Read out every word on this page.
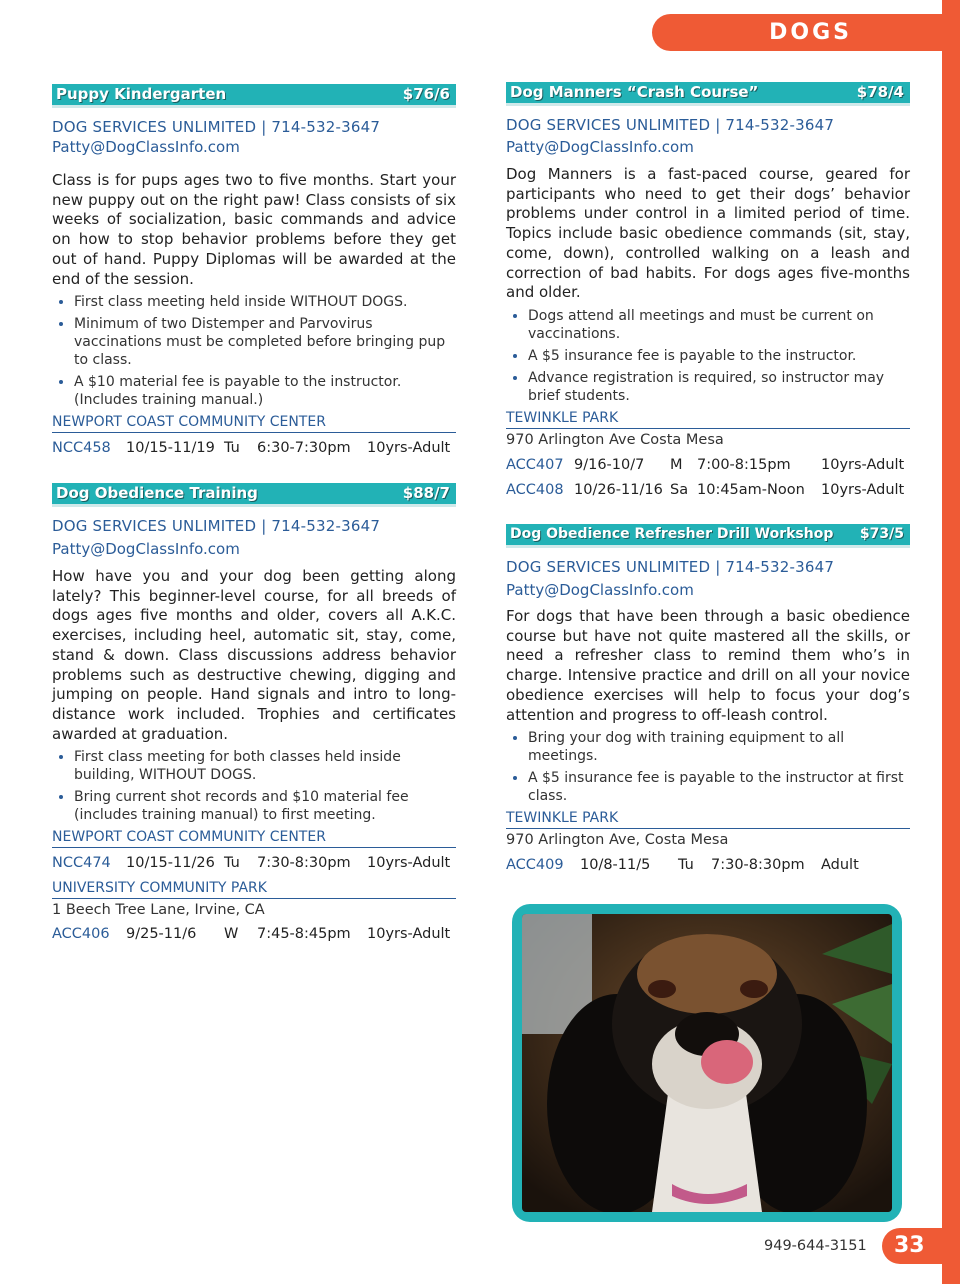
DOGS
Puppy Kindergarten	$76/6
DOG SERVICES UNLIMITED | 714-532-3647
Patty@DogClassInfo.com
Class is for pups ages two to five months. Start your new puppy out on the right paw! Class consists of six weeks of socialization, basic commands and advice on how to stop behavior problems before they get out of hand. Puppy Diplomas will be awarded at the end of the session.
• First class meeting held inside WITHOUT DOGS.
• Minimum of two Distemper and Parvovirus vaccinations must be completed before bringing pup to class.
• A $10 material fee is payable to the instructor. (Includes training manual.)
NEWPORT COAST COMMUNITY CENTER
NCC458 10/15-11/19 Tu 6:30-7:30pm 10yrs-Adult
Dog Obedience Training	$88/7
DOG SERVICES UNLIMITED | 714-532-3647
Patty@DogClassInfo.com
How have you and your dog been getting along lately? This beginner-level course, for all breeds of dogs ages five months and older, covers all A.K.C. exercises, including heel, automatic sit, stay, come, stand & down. Class discussions address behavior problems such as destructive chewing, digging and jumping on people. Hand signals and intro to long-distance work included. Trophies and certificates awarded at graduation.
• First class meeting for both classes held inside building, WITHOUT DOGS.
• Bring current shot records and $10 material fee (includes training manual) to first meeting.
NEWPORT COAST COMMUNITY CENTER
NCC474 10/15-11/26 Tu 7:30-8:30pm 10yrs-Adult
UNIVERSITY COMMUNITY PARK
1 Beech Tree Lane, Irvine, CA
ACC406 9/25-11/6 W 7:45-8:45pm 10yrs-Adult
Dog Manners “Crash Course”	$78/4
DOG SERVICES UNLIMITED | 714-532-3647
Patty@DogClassInfo.com
Dog Manners is a fast-paced course, geared for participants who need to get their dogs’ behavior problems under control in a limited period of time. Topics include basic obedience commands (sit, stay, come, down), controlled walking on a leash and correction of bad habits. For dogs ages five-months and older.
• Dogs attend all meetings and must be current on vaccinations.
• A $5 insurance fee is payable to the instructor.
• Advance registration is required, so instructor may brief students.
TEWINKLE PARK
970 Arlington Ave Costa Mesa
ACC407 9/16-10/7 M 7:00-8:15pm 10yrs-Adult
ACC408 10/26-11/16 Sa 10:45am-Noon 10yrs-Adult
Dog Obedience Refresher Drill Workshop $73/5
DOG SERVICES UNLIMITED | 714-532-3647
Patty@DogClassInfo.com
For dogs that have been through a basic obedience course but have not quite mastered all the skills, or need a refresher class to remind them who’s in charge. Intensive practice and drill on all your novice obedience exercises will help to focus your dog’s attention and progress to off-leash control.
• Bring your dog with training equipment to all meetings.
• A $5 insurance fee is payable to the instructor at first class.
TEWINKLE PARK
970 Arlington Ave, Costa Mesa
ACC409 10/8-11/5 Tu 7:30-8:30pm Adult
949-644-3151	33
